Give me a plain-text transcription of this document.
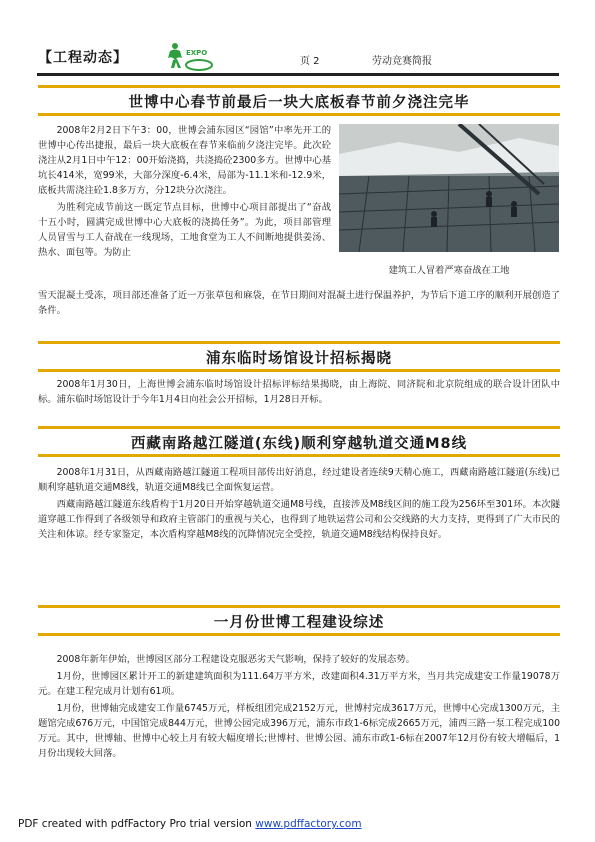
【工程动态】	EXPO
页 2	劳动竞赛简报
世博中心春节前最后一块大底板春节前夕浇注完毕

2008年2月2日下午3：00，世博会浦东园区“园馆”中率先开工的世博中心传出捷报，最后一块大底板在春节来临前夕浇注完毕。此次砼浇注从2月1日中午12：00开始浇捣，共浇捣砼2300多方。世博中心基坑长414米，宽99米，大部分深度-6.4米，局部为-11.1米和-12.9米，底板共需浇注砼1.8多万方，分12块分次浇注。

为胜利完成节前这一既定节点目标，世博中心项目部提出了“奋战十五小时，圆满完成世博中心大底板的浇捣任务”。为此，项目部管理人员冒雪与工人奋战在一线现场，工地食堂为工人不间断地提供姜汤、热水、面包等。为防止

雪天混凝土受冻，项目部还准备了近一万张草包和麻袋，在节日期间对混凝土进行保温养护，为节后下道工序的顺利开展创造了条件。

建筑工人冒着严寒奋战在工地
浦东临时场馆设计招标揭晓

2008年1月30日，上海世博会浦东临时场馆设计招标评标结果揭晓，由上海院、同济院和北京院组成的联合设计团队中标。浦东临时场馆设计于今年1月4日向社会公开招标，1月28日开标。

西藏南路越江隧道(东线)顺利穿越轨道交通M8线

2008年1月31日，从西藏南路越江隧道工程项目部传出好消息，经过建设者连续9天精心施工，西藏南路越江隧道(东线)已顺利穿越轨道交通M8线，轨道交通M8线已全面恢复运营。

西藏南路越江隧道东线盾构于1月20日开始穿越轨道交通M8号线，直接涉及M8线区间的施工段为256环至301环。本次隧道穿越工作得到了各级领导和政府主管部门的重视与关心，也得到了地铁运营公司和公交线路的大力支持，更得到了广大市民的关注和体谅。经专家鉴定，本次盾构穿越M8线的沉降情况完全受控，轨道交通M8线结构保持良好。

一月份世博工程建设综述

2008年新年伊始，世博园区部分工程建设克服恶劣天气影响，保持了较好的发展态势。

1月份，世博园区累计开工的新建建筑面积为111.64万平方米，改建面积4.31万平方米，当月共完成建安工作量19078万元。在建工程完成月计划有61项。

1月份，世博轴完成建安工作量6745万元，样板组团完成2152万元，世博村完成3617万元，世博中心完成1300万元，主题馆完成676万元，中国馆完成844万元，世博公园完成396万元，浦东市政1-6标完成2665万元，浦西三路一泵工程完成100万元。其中，世博轴、世博中心较上月有较大幅度增长;世博村、世博公园、浦东市政1-6标在2007年12月份有较大增幅后，1月份出现较大回落。

PDF created with pdfFactory Pro trial version www.pdffactory.com
